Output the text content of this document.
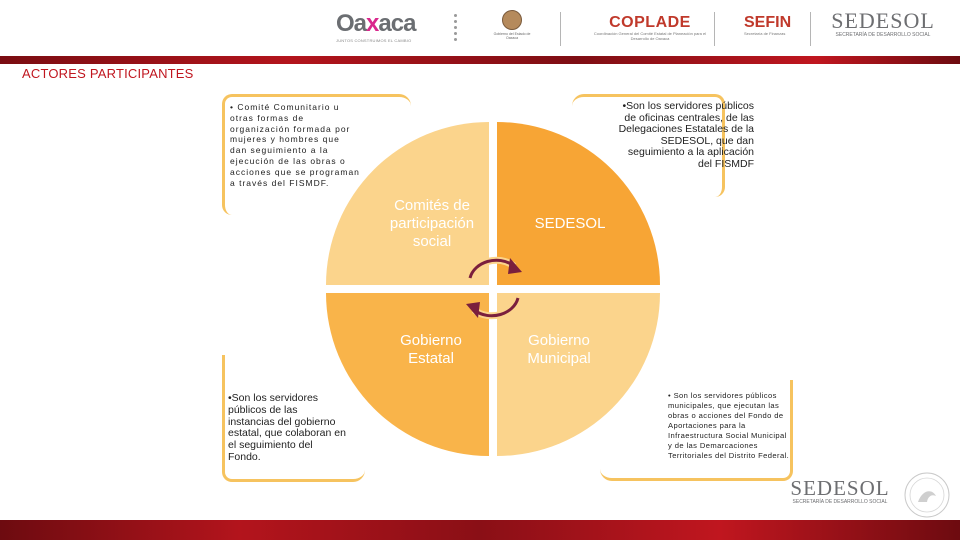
Oaxaca
JUNTOS CONSTRUIMOS EL CAMBIO
Gobierno del Estado de Oaxaca
COPLADE
Coordinación General del Comité Estatal de Planeación para el Desarrollo de Oaxaca
SEFIN
Secretaría de Finanzas
SEDESOL
SECRETARÍA DE DESARROLLO SOCIAL
ACTORES PARTICIPANTES
Comités de participación social
SEDESOL
Gobierno Estatal
Gobierno Municipal
• Comité Comunitario u otras formas de organización formada por mujeres y hombres que dan seguimiento a la ejecución de las obras o acciones que se programan a través del FISMDF.
•Son los servidores públicos de oficinas centrales, de las Delegaciones Estatales de la SEDESOL, que dan seguimiento a la aplicación del FISMDF
•Son los servidores públicos de las instancias del gobierno estatal, que colaboran en el seguimiento del Fondo.
• Son los servidores públicos municipales, que ejecutan las obras o acciones del Fondo de Aportaciones para la Infraestructura Social Municipal y de las Demarcaciones Territoriales del Distrito Federal.
SEDESOL
SECRETARÍA DE DESARROLLO SOCIAL
